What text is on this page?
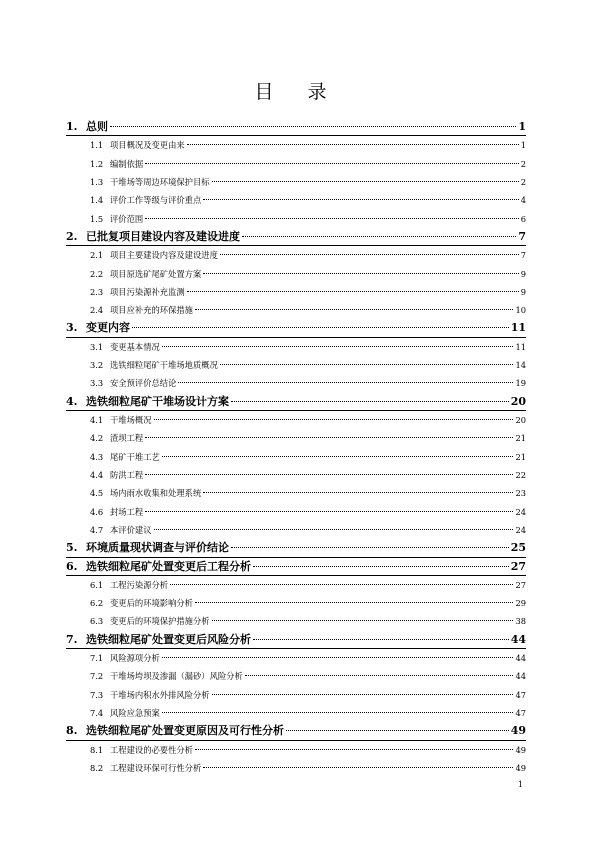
目 录
1. 总则	1
1.1 项目概况及变更由来	1
1.2 编制依据	2
1.3 干堆场等周边环境保护目标	2
1.4 评价工作等级与评价重点	4
1.5 评价范围	6
2. 已批复项目建设内容及建设进度	7
2.1 项目主要建设内容及建设进度	7
2.2 项目原选矿尾矿处置方案	9
2.3 项目污染源补充监测	9
2.4 项目应补充的环保措施	10
3. 变更内容	11
3.1 变更基本情况	11
3.2 选铁细粒尾矿干堆场地质概况	14
3.3 安全预评价总结论	19
4. 选铁细粒尾矿干堆场设计方案	20
4.1 干堆场概况	20
4.2 渣坝工程	21
4.3 尾矿干堆工艺	21
4.4 防洪工程	22
4.5 场内雨水收集和处理系统	23
4.6 封场工程	24
4.7 本评价建议	24
5. 环境质量现状调查与评价结论	25
6. 选铁细粒尾矿处置变更后工程分析	27
6.1 工程污染源分析	27
6.2 变更后的环境影响分析	29
6.3 变更后的环境保护措施分析	38
7. 选铁细粒尾矿处置变更后风险分析	44
7.1 风险源项分析	44
7.2 干堆场垮坝及渗漏（漏砂）风险分析	44
7.3 干堆场内积水外排风险分析	47
7.4 风险应急预案	47
8. 选铁细粒尾矿处置变更原因及可行性分析	49
8.1 工程建设的必要性分析	49
8.2 工程建设环保可行性分析	49
1
